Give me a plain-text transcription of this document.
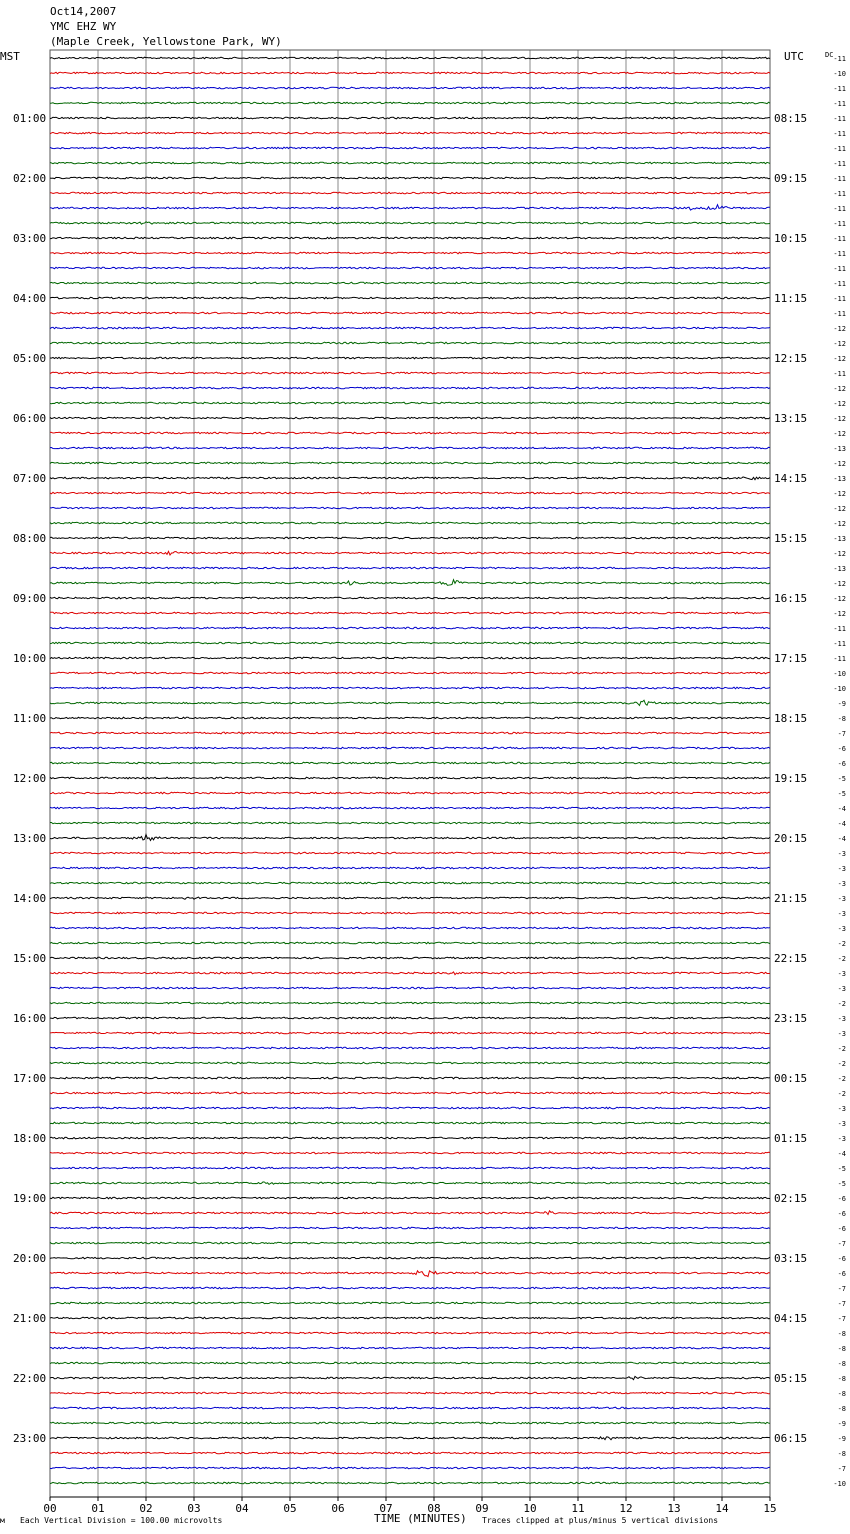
Oct14,2007
YMC EHZ WY
(Maple Creek, Yellowstone Park, WY)
MST	UTC	DC
01:00	08:15
02:00	09:15
03:00	10:15
04:00	11:15
05:00	12:15
06:00	13:15
07:00	14:15
08:00	15:15
09:00	16:15
10:00	17:15
11:00	18:15
12:00	19:15
13:00	20:15
14:00	21:15
15:00	22:15
16:00	23:15
17:00	00:15
18:00	01:15
19:00	02:15
20:00	03:15
21:00	04:15
22:00	05:15
23:00	06:15
-11
-10
-11
-11
-11
-11
-11
-11
-11
-11
-11
-11
-11
-11
-11
-11
-11
-11
-12
-12
-12
-11
-12
-12
-12
-12
-13
-12
-13
-12
-12
-12
-13
-12
-13
-12
-12
-12
-11
-11
-11
-10
-10
-9
-8
-7
-6
-6
-5
-5
-4
-4
-4
-3
-3
-3
-3
-3
-3
-2
-2
-3
-3
-2
-3
-3
-2
-2
-2
-2
-3
-3
-3
-4
-5
-5
-6
-6
-6
-7
-6
-6
-7
-7
-7
-8
-8
-8
-8
-8
-8
-9
-9
-8
-7
-10
00	01	02	03	04	05	06	07	08	09	10	11	12	13	14	15
м Each Vertical Division = 100.00 microvolts	TIME (MINUTES) Traces clipped at plus/minus 5 vertical divisions
